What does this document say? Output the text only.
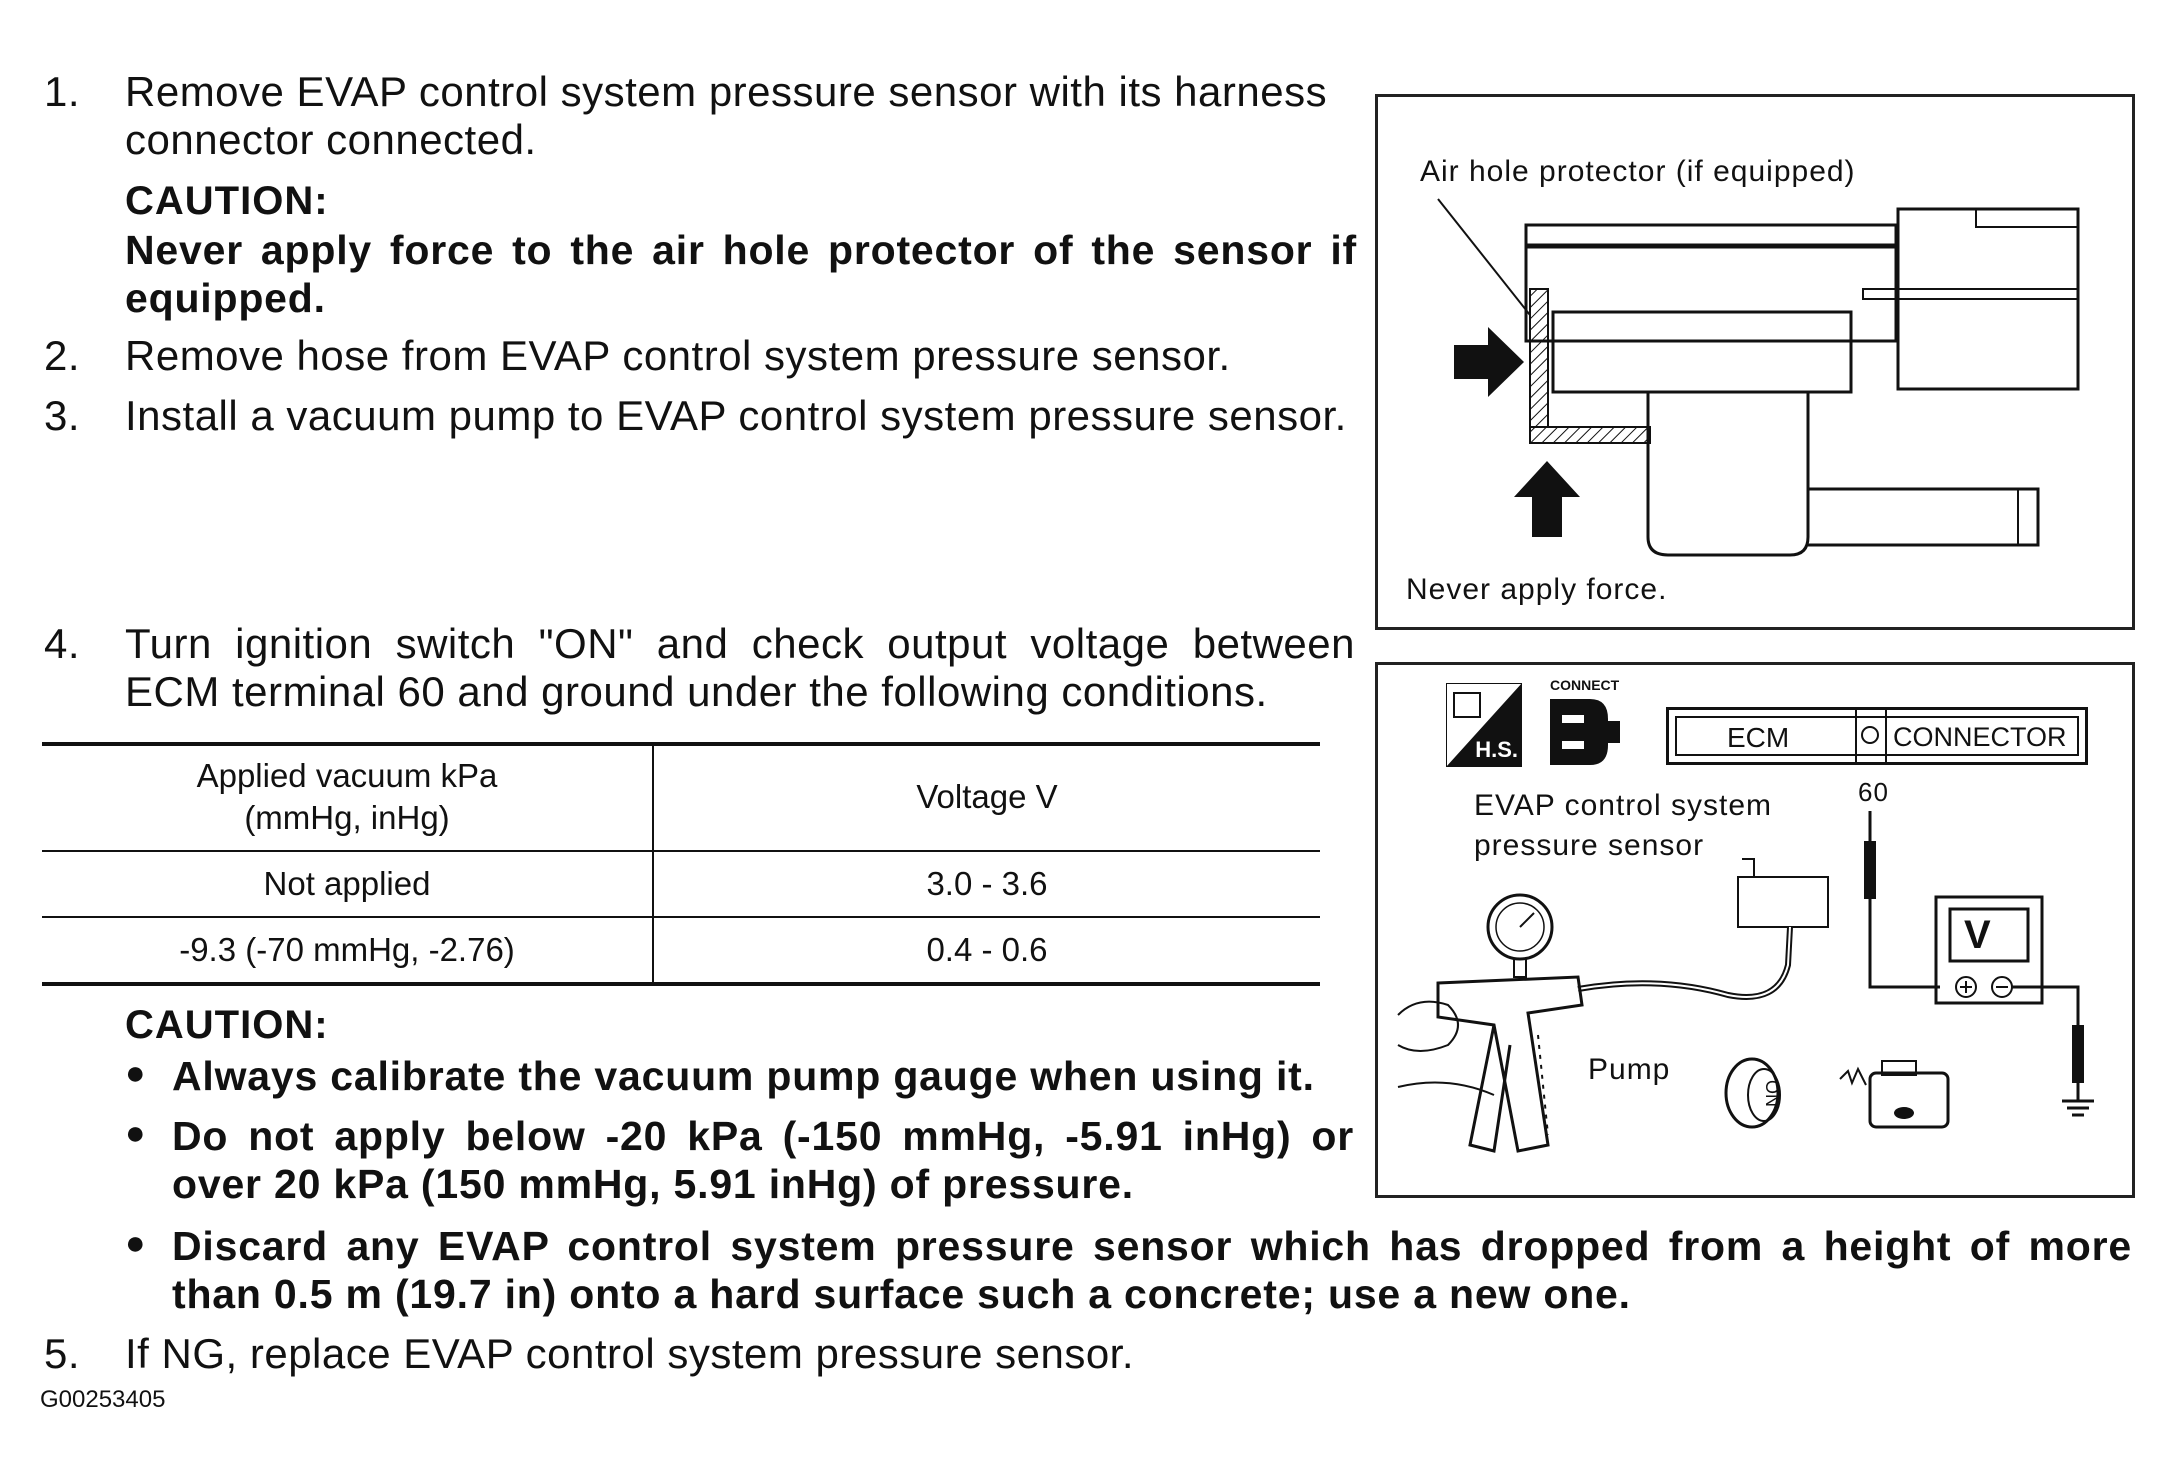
1.	Remove EVAP control system pressure sensor with its harness
connector connected.
CAUTION:
Never apply force to the air hole protector of the sensor if
equipped.
2.	Remove hose from EVAP control system pressure sensor.
3.	Install a vacuum pump to EVAP control system pressure sensor.
4.	Turn ignition switch "ON" and check output voltage between
ECM terminal 60 and ground under the following conditions.
Applied vacuum kPa
(mmHg, inHg)	Voltage V
Not applied	3.0 - 3.6
-9.3 (-70 mmHg, -2.76)	0.4 - 0.6
CAUTION:
● Always calibrate the vacuum pump gauge when using it.
● Do not apply below -20 kPa (-150 mmHg, -5.91 inHg) or
over 20 kPa (150 mmHg, 5.91 inHg) of pressure.
● Discard any EVAP control system pressure sensor which has dropped from a height of more
than 0.5 m (19.7 in) onto a hard surface such a concrete; use a new one.
5.	If NG, replace EVAP control system pressure sensor.
G00253405
Air hole protector (if equipped)
Never apply force.
H.S.
CONNECT
ECM	CONNECTOR
60
EVAP control system
pressure sensor
Pump
V
ON
